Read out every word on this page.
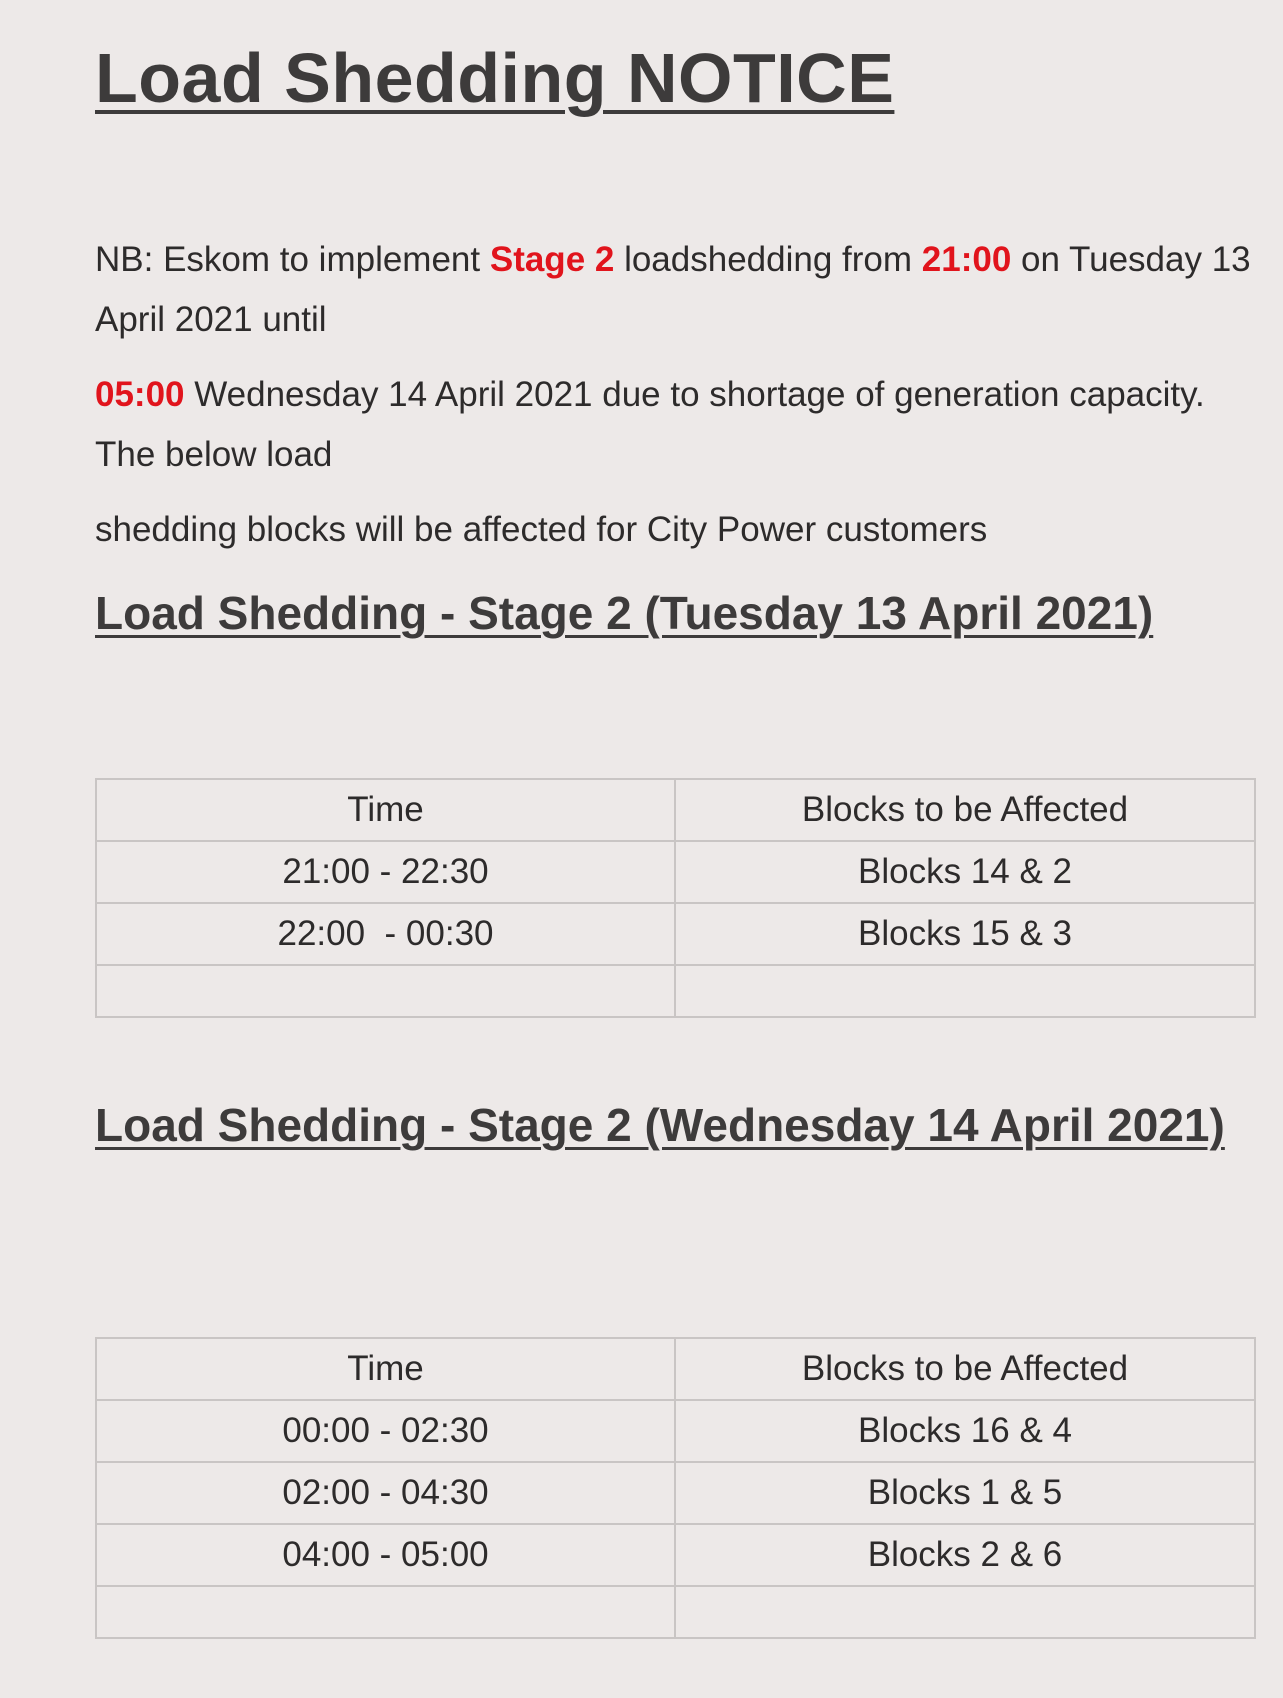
Load Shedding NOTICE

NB: Eskom to implement Stage 2 loadshedding from 21:00 on Tuesday 13 April 2021 until

05:00 Wednesday 14 April 2021 due to shortage of generation capacity. The below load

shedding blocks will be affected for City Power customers

Load Shedding - Stage 2 (Tuesday 13 April 2021)
Time	Blocks to be Affected
21:00 - 22:30	Blocks 14 & 2
22:00  - 00:30	Blocks 15 & 3

Load Shedding - Stage 2 (Wednesday 14 April 2021)
Time	Blocks to be Affected
00:00 - 02:30	Blocks 16 & 4
02:00 - 04:30	Blocks 1 & 5
04:00 - 05:00	Blocks 2 & 6
